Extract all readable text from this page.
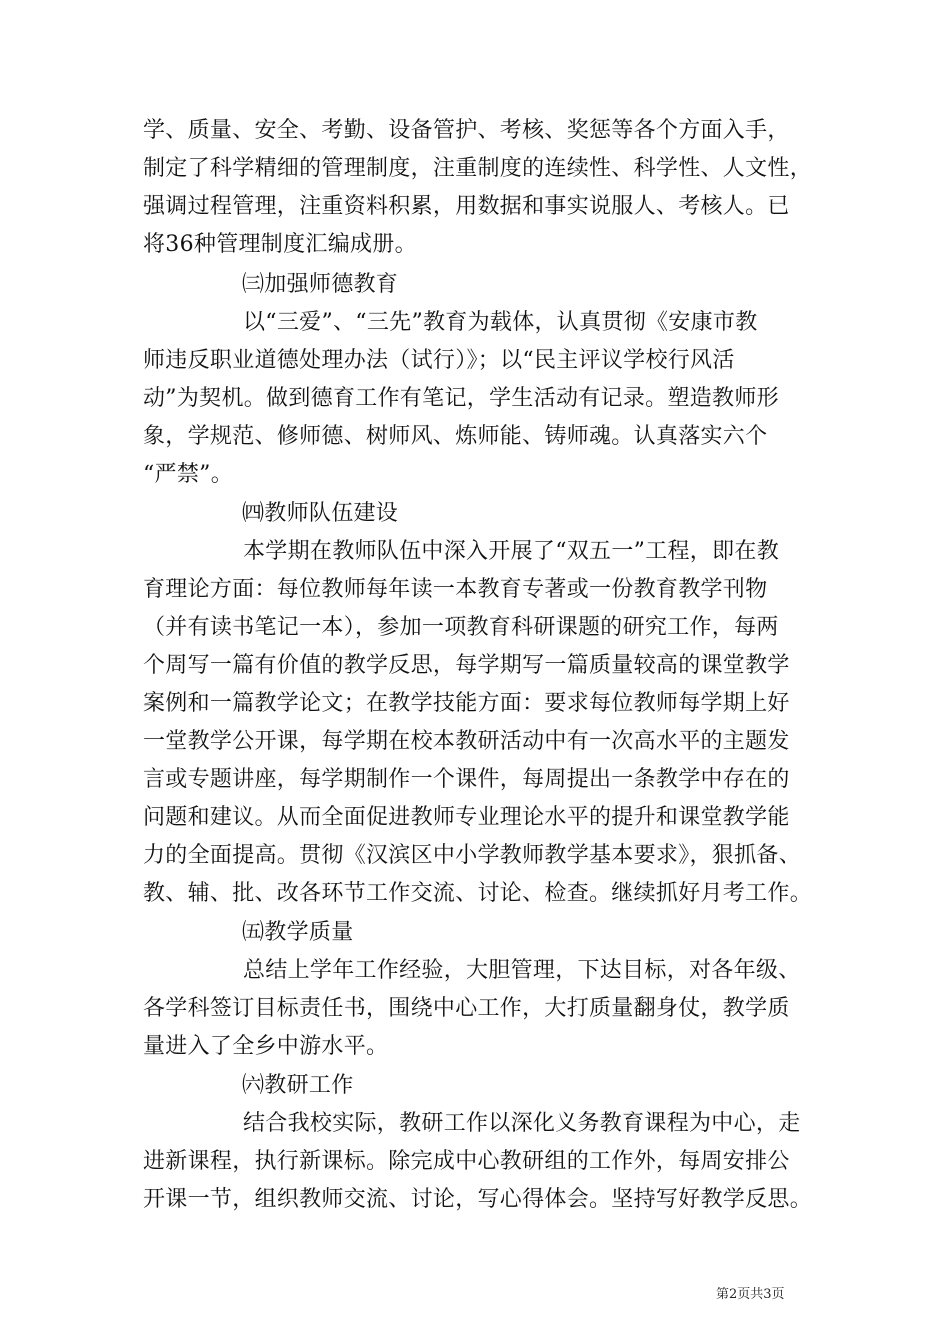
学、质量、安全、考勤、设备管护、考核、奖惩等各个方面入手，
制定了科学精细的管理制度，注重制度的连续性、科学性、人文性，
强调过程管理，注重资料积累，用数据和事实说服人、考核人。已
将36种管理制度汇编成册。
㈢加强师德教育
以“三爱”、“三先”教育为载体，认真贯彻《安康市教
师违反职业道德处理办法（试行）》；以“民主评议学校行风活
动”为契机。做到德育工作有笔记，学生活动有记录。塑造教师形
象，学规范、修师德、树师风、炼师能、铸师魂。认真落实六个
“严禁”。
㈣教师队伍建设
本学期在教师队伍中深入开展了“双五一”工程，即在教
育理论方面：每位教师每年读一本教育专著或一份教育教学刊物
（并有读书笔记一本），参加一项教育科研课题的研究工作，每两
个周写一篇有价值的教学反思，每学期写一篇质量较高的课堂教学
案例和一篇教学论文；在教学技能方面：要求每位教师每学期上好
一堂教学公开课，每学期在校本教研活动中有一次高水平的主题发
言或专题讲座，每学期制作一个课件，每周提出一条教学中存在的
问题和建议。从而全面促进教师专业理论水平的提升和课堂教学能
力的全面提高。贯彻《汉滨区中小学教师教学基本要求》，狠抓备、
教、辅、批、改各环节工作交流、讨论、检查。继续抓好月考工作。
㈤教学质量
总结上学年工作经验，大胆管理，下达目标，对各年级、
各学科签订目标责任书，围绕中心工作，大打质量翻身仗，教学质
量进入了全乡中游水平。
㈥教研工作
结合我校实际，教研工作以深化义务教育课程为中心，走
进新课程，执行新课标。除完成中心教研组的工作外，每周安排公
开课一节，组织教师交流、讨论，写心得体会。坚持写好教学反思。
第2页共3页
